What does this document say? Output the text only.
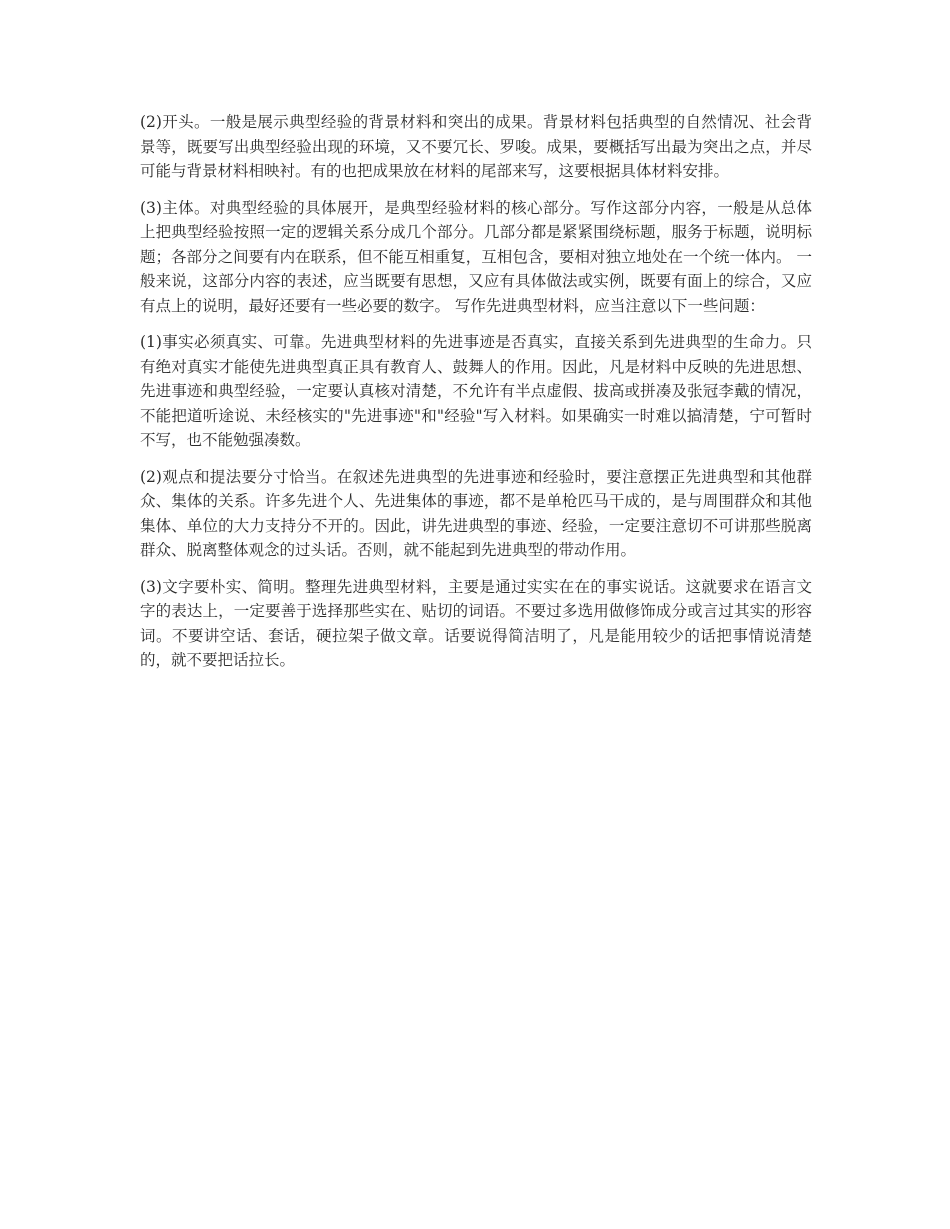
(2)开头。一般是展示典型经验的背景材料和突出的成果。背景材料包括典型的自然情况、社会背景等，既要写出典型经验出现的环境，又不要冗长、罗唆。成果，要概括写出最为突出之点，并尽可能与背景材料相映衬。有的也把成果放在材料的尾部来写，这要根据具体材料安排。

(3)主体。对典型经验的具体展开，是典型经验材料的核心部分。写作这部分内容，一般是从总体上把典型经验按照一定的逻辑关系分成几个部分。几部分都是紧紧围绕标题，服务于标题，说明标题；各部分之间要有内在联系，但不能互相重复，互相包含，要相对独立地处在一个统一体内。 一般来说，这部分内容的表述，应当既要有思想，又应有具体做法或实例，既要有面上的综合，又应有点上的说明，最好还要有一些必要的数字。 写作先进典型材料，应当注意以下一些问题：

(1)事实必须真实、可靠。先进典型材料的先进事迹是否真实，直接关系到先进典型的生命力。只有绝对真实才能使先进典型真正具有教育人、鼓舞人的作用。因此，凡是材料中反映的先进思想、先进事迹和典型经验，一定要认真核对清楚，不允许有半点虚假、拔高或拼凑及张冠李戴的情况，不能把道听途说、未经核实的"先进事迹"和"经验"写入材料。如果确实一时难以搞清楚，宁可暂时不写，也不能勉强凑数。

(2)观点和提法要分寸恰当。在叙述先进典型的先进事迹和经验时，要注意摆正先进典型和其他群众、集体的关系。许多先进个人、先进集体的事迹，都不是单枪匹马干成的，是与周围群众和其他集体、单位的大力支持分不开的。因此，讲先进典型的事迹、经验，一定要注意切不可讲那些脱离群众、脱离整体观念的过头话。否则，就不能起到先进典型的带动作用。

(3)文字要朴实、简明。整理先进典型材料，主要是通过实实在在的事实说话。这就要求在语言文字的表达上，一定要善于选择那些实在、贴切的词语。不要过多选用做修饰成分或言过其实的形容词。不要讲空话、套话，硬拉架子做文章。话要说得简洁明了，凡是能用较少的话把事情说清楚的，就不要把话拉长。
